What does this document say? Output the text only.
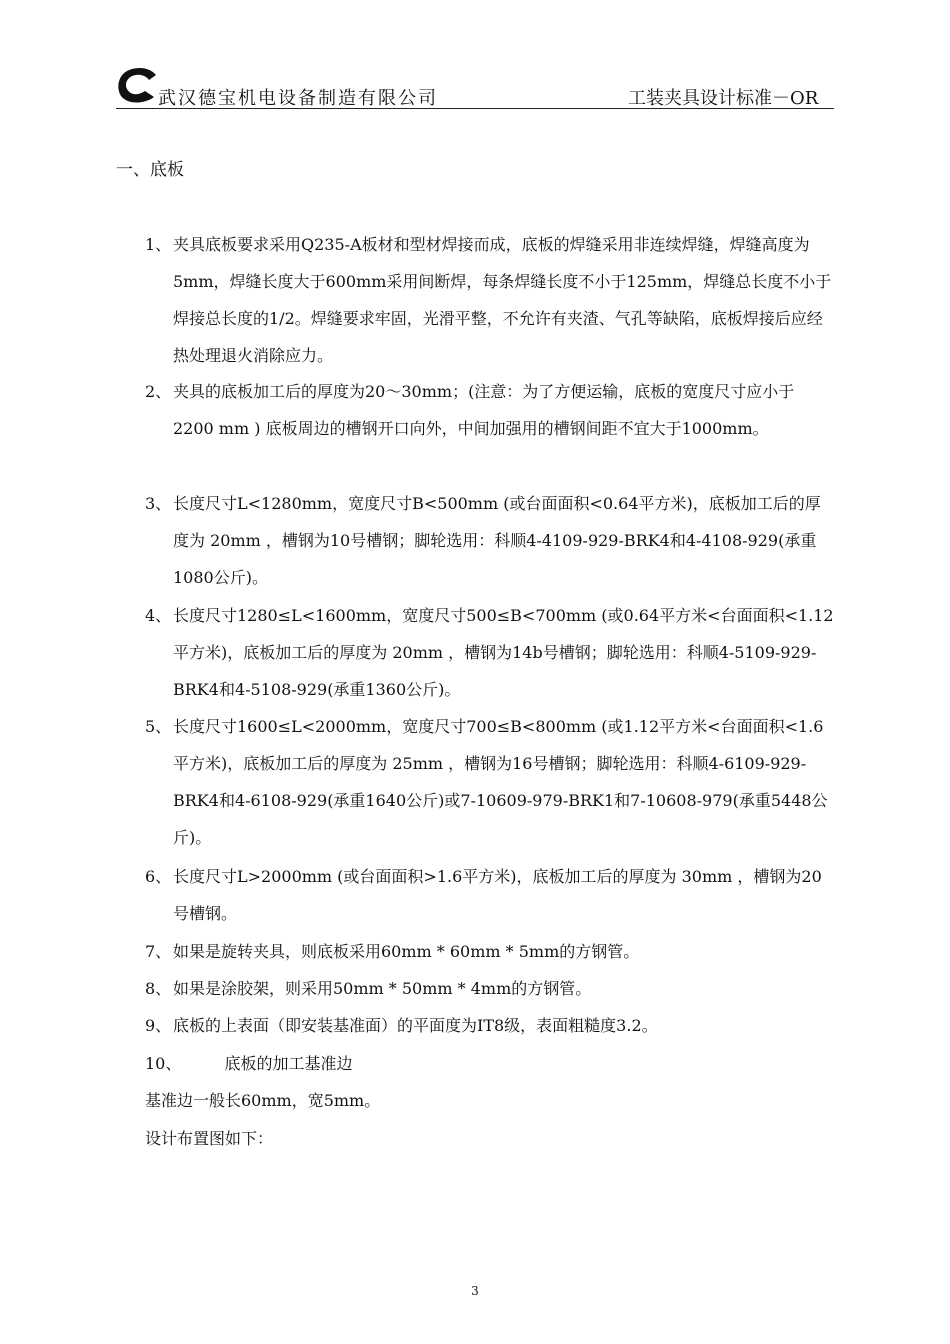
武汉德宝机电设备制造有限公司	工装夹具设计标准－OR
一、底板
1、 夹具底板要求采用Q235-A板材和型材焊接而成，底板的焊缝采用非连续焊缝，焊缝高度为5mm，焊缝长度大于600mm采用间断焊，每条焊缝长度不小于125mm，焊缝总长度不小于焊接总长度的1/2。焊缝要求牢固，光滑平整，不允许有夹渣、气孔等缺陷，底板焊接后应经热处理退火消除应力。
2、 夹具的底板加工后的厚度为20～30mm；(注意：为了方便运输，底板的宽度尺寸应小于2200 mm ) 底板周边的槽钢开口向外，中间加强用的槽钢间距不宜大于1000mm。
3、 长度尺寸L<1280mm，宽度尺寸B<500mm (或台面面积<0.64平方米)，底板加工后的厚度为 20mm ，槽钢为10号槽钢；脚轮选用：科顺4-4109-929-BRK4和4-4108-929(承重1080公斤)。
4、 长度尺寸1280≤L<1600mm，宽度尺寸500≤B<700mm (或0.64平方米<台面面积<1.12平方米)，底板加工后的厚度为 20mm ，槽钢为14b号槽钢；脚轮选用：科顺4-5109-929-BRK4和4-5108-929(承重1360公斤)。
5、 长度尺寸1600≤L<2000mm，宽度尺寸700≤B<800mm (或1.12平方米<台面面积<1.6平方米)，底板加工后的厚度为 25mm ，槽钢为16号槽钢；脚轮选用：科顺4-6109-929-BRK4和4-6108-929(承重1640公斤)或7-10609-979-BRK1和7-10608-979(承重5448公斤)。
6、 长度尺寸L>2000mm (或台面面积>1.6平方米)，底板加工后的厚度为 30mm ，槽钢为20号槽钢。
7、 如果是旋转夹具，则底板采用60mm * 60mm * 5mm的方钢管。
8、 如果是涂胶架，则采用50mm * 50mm * 4mm的方钢管。
9、 底板的上表面（即安装基准面）的平面度为IT8级，表面粗糙度3.2。
10、	底板的加工基准边
基准边一般长60mm，宽5mm。
设计布置图如下：
3
